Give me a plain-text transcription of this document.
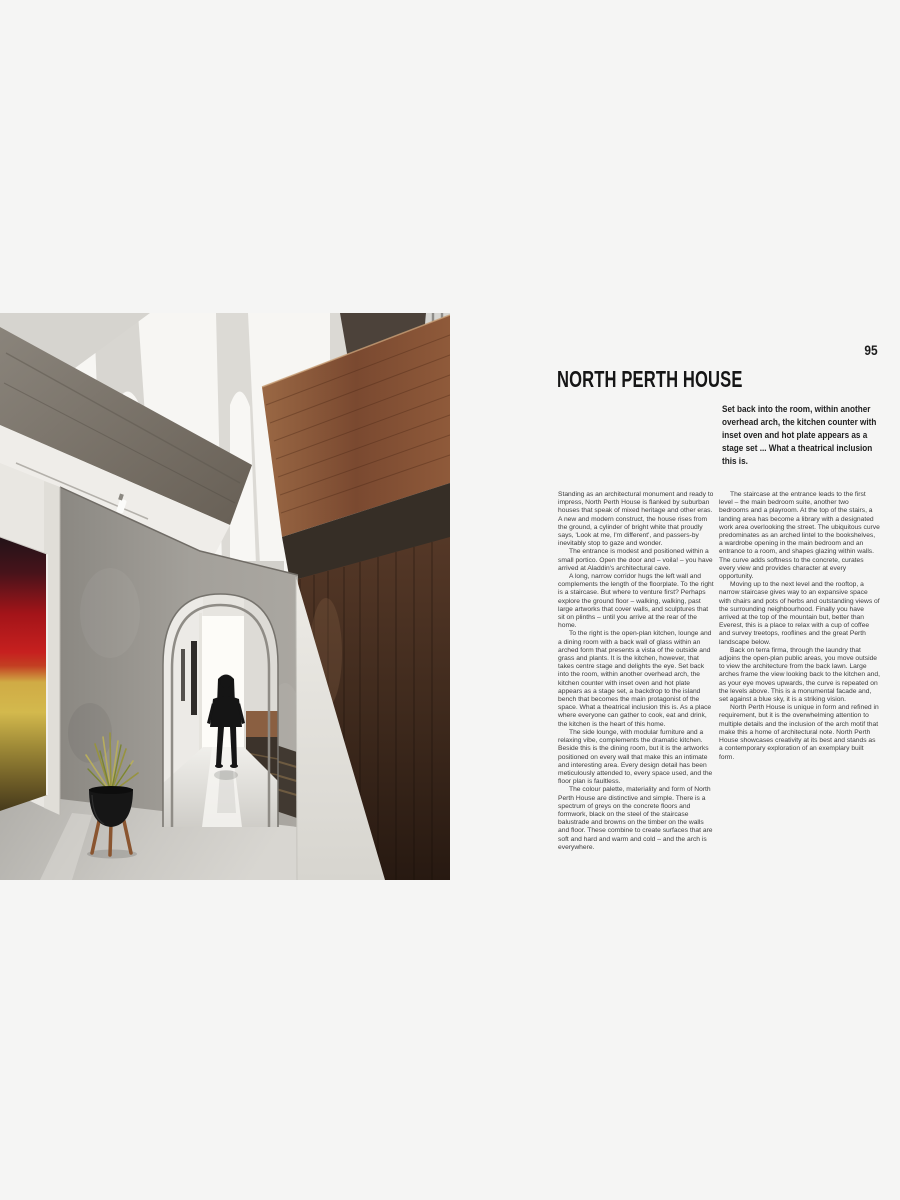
95
NORTH PERTH HOUSE

Set back into the room, within another overhead arch, the kitchen counter with inset oven and hot plate appears as a stage set ... What a theatrical inclusion this is.

Standing as an architectural monument and ready to impress, North Perth House is flanked by suburban houses that speak of mixed heritage and other eras. A new and modern construct, the house rises from the ground, a cylinder of bright white that proudly says, 'Look at me, I'm different', and passers-by inevitably stop to gaze and wonder.

The entrance is modest and positioned within a small portico. Open the door and – voila! – you have arrived at Aladdin's architectural cave.

A long, narrow corridor hugs the left wall and complements the length of the floorplate. To the right is a staircase. But where to venture first? Perhaps explore the ground floor – walking, walking, past large artworks that cover walls, and sculptures that sit on plinths – until you arrive at the rear of the home.

To the right is the open-plan kitchen, lounge and a dining room with a back wall of glass within an arched form that presents a vista of the outside and grass and plants. It is the kitchen, however, that takes centre stage and delights the eye. Set back into the room, within another overhead arch, the kitchen counter with inset oven and hot plate appears as a stage set, a backdrop to the island bench that becomes the main protagonist of the space. What a theatrical inclusion this is. As a place where everyone can gather to cook, eat and drink, the kitchen is the heart of this home.

The side lounge, with modular furniture and a relaxing vibe, complements the dramatic kitchen. Beside this is the dining room, but it is the artworks positioned on every wall that make this an intimate and interesting area. Every design detail has been meticulously attended to, every space used, and the floor plan is faultless.

The colour palette, materiality and form of North Perth House are distinctive and simple. There is a spectrum of greys on the concrete floors and formwork, black on the steel of the staircase balustrade and browns on the timber on the walls and floor. These combine to create surfaces that are soft and hard and warm and cold – and the arch is everywhere.

The staircase at the entrance leads to the first level – the main bedroom suite, another two bedrooms and a playroom. At the top of the stairs, a landing area has become a library with a designated work area overlooking the street. The ubiquitous curve predominates as an arched lintel to the bookshelves, a wardrobe opening in the main bedroom and an entrance to a room, and shapes glazing within walls. The curve adds softness to the concrete, curates every view and provides character at every opportunity.

Moving up to the next level and the rooftop, a narrow staircase gives way to an expansive space with chairs and pots of herbs and outstanding views of the surrounding neighbourhood. Finally you have arrived at the top of the mountain but, better than Everest, this is a place to relax with a cup of coffee and survey treetops, rooflines and the great Perth landscape below.

Back on terra firma, through the laundry that adjoins the open-plan public areas, you move outside to view the architecture from the back lawn. Large arches frame the view looking back to the kitchen and, as your eye moves upwards, the curve is repeated on the levels above. This is a monumental facade and, set against a blue sky, it is a striking vision.

North Perth House is unique in form and refined in requirement, but it is the overwhelming attention to multiple details and the inclusion of the arch motif that make this a home of architectural note. North Perth House showcases creativity at its best and stands as a contemporary exploration of an exemplary built form.
